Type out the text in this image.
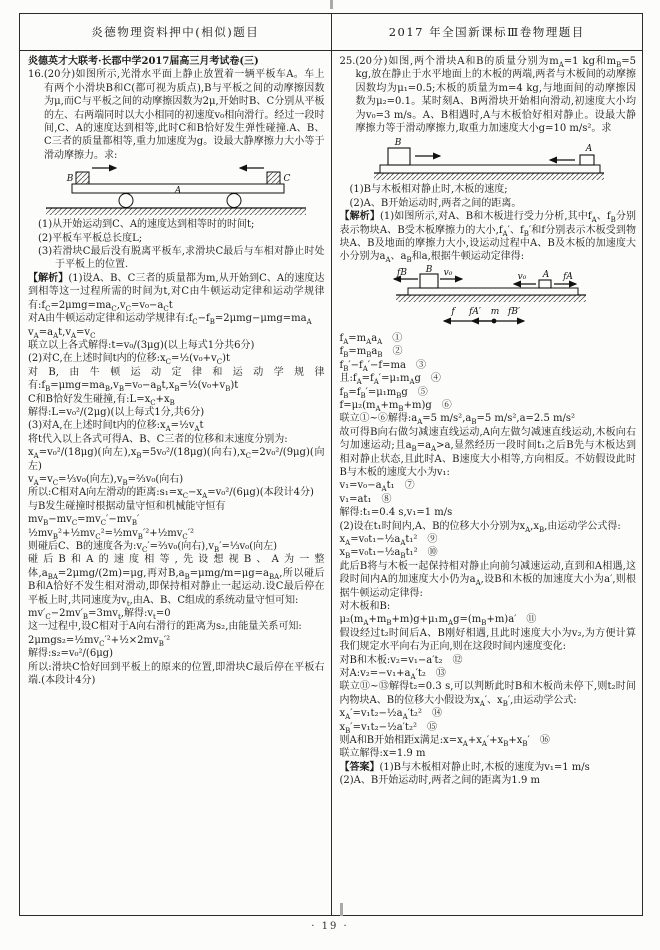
炎德物理资料押中(相似)题目	2017 年全国新课标Ⅲ卷物理题目

炎德英才大联考·长郡中学2017届高三月考试卷(三)

16.(20分)如图所示,光滑水平面上静止放置着一辆平板车A。车上有两个小滑块B和C(都可视为质点),B与平板之间的动摩擦因数为μ,而C与平板之间的动摩擦因数为2μ,开始时B、C分别从平板的左、右两端同时以大小相同的初速度v₀相向滑行。经过一段时间,C、A的速度达到相等,此时C和B恰好发生弹性碰撞.A、B、C三者的质量都相等,重力加速度为g。设最大静摩擦力大小等于滑动摩擦力。求:

A
B	C

(1)从开始运动到C、A的速度达到相等时的时间t;

(2)平板车平板总长度L;

(3)若滑块C最后没有脱离平板车,求滑块C最后与车相对静止时处于平板上的位置.

【解析】(1)设A、B、C三者的质量都为m,从开始到C、A的速度达到相等这一过程所需的时间为t,对C由牛顿运动定律和运动学规律有$:f_C=2\mu mg=ma_C,v_C=v_0-a_Ct$

对A由牛顿运动定律和运动学规律有$:f_C-f_B=2\mu mg-\mu mg=ma_A$

$v_A=a_At,v_A=v_C$

联立以上各式解得:t=v₀/(3μg)(以上每式1分共6分)

(2)对C,在上述时间t内的位移$:x_C=\frac{1}{2}(v_0+v_C)t$

对B,由牛顿运动定律和运动学规律有$:f_B=\mu mg=ma_B,v_B=v_0-a_Bt,x_B=\frac{1}{2}(v_0+v_B)t$

C和B恰好发生碰撞,有$:L=x_C+x_B$

解得:L=v₀²/(2μg)(以上每式1分,共6分)

(3)对A,在上述时间t内的位移$:x_A=\frac{1}{2}v_At$

将t代入以上各式可得A、B、C三者的位移和末速度分别为:

$x_A=v_0^2/(18\mu g)$(向左)$,x_B=5v_0^2/(18\mu g)$(向右)$,x_C=2v_0^2/(9\mu g)$(向左)

$v_A=v_C=\frac{1}{3}v_0$(向左)$,v_B=\frac{2}{3}v_0$(向右)

所以:C相对A向左滑动的距离$:s_1=x_C-x_A=v_0^2/(6\mu g)$(本段计4分)

与B发生碰撞时根据动量守恒和机械能守恒有

$mv_B-mv_C=mv_C'-mv_B'$

$\frac{1}{2}mv_B^2+\frac{1}{2}mv_C^2=\frac{1}{2}mv_B'^2+\frac{1}{2}mv_C'^2$

则碰后C、B的速度各为$:v_C'=\frac{2}{3}v_0$(向右)$,v_B'=\frac{1}{3}v_0$(向左)

碰后B和A的速度相等,先设想视B、A为一整体$,a_{BA}=2\mu mg/(2m)=\mu g$,再对$B,a_B=\mu mg/m=\mu g=a_{BA}$,所以碰后B和A恰好不发生相对滑动,即保持相对静止一起运动.设C最后停在平板上时,共同速度为$v_t$,由A、B、C组成的系统动量守恒可知:

$mv'_C-2mv'_B=3mv_t$,解得$:v_t=0$

这一过程中,设C相对于A向右滑行的距离为s₂,由能量关系可知:

$2\mu mgs_2=\frac{1}{2}mv_C'^2+\frac{1}{2}\times 2mv_B'^2$

解得:s₂=v₀²/(6μg)

所以:滑块C恰好回到平板上的原来的位置,即滑块C最后停在平板右端.(本段计4分)

25.(20分)如图,两个滑块A和B的质量分别为$m_A=1$ kg和$m_B=5$ kg,放在静止于水平地面上的木板的两端,两者与木板间的动摩擦因数均为μ₁=0.5;木板的质量为m=4 kg,与地面间的动摩擦因数为μ₂=0.1。某时刻A、B两滑块开始相向滑动,初速度大小均为v₀=3 m/s。A、B相遇时,A与木板恰好相对静止。设最大静摩擦力等于滑动摩擦力,取重力加速度大小g=10 m/s²。求

B
A

(1)B与木板相对静止时,木板的速度;

(2)A、B开始运动时,两者之间的距离。

【解析】(1)如图所示,对A、B和木板进行受力分析,其中$f_A$、$f_B$分别表示物块A、B受木板摩擦力的大小$,f_A'$、$f_B'$和f分别表示木板受到物块A、B及地面的摩擦力大小,设运动过程中A、B及木板的加速度大小分别为$a_A$、$a_B$和a,根据牛顿运动定律得:

B
fB	v₀	A
v₀	fA
f fA′ m fB′

$f_A=m_Aa_A$　①

$f_B=m_Ba_B$　②

$f_B'-f_A'-f=ma$　③

且$:f_A=f_A'=\mu_1m_Ag$　④

$f_B=f_B'=\mu_1m_Bg$　⑤

$f=\mu_2(m_A+m_B+m)g$　⑥

联立①~⑥解得$:a_A=5$ $m/s^2,a_B=5$ m/s²,a=2.5 m/s²

故可得B向右做匀减速直线运动,A向左做匀减速直线运动,木板向右匀加速运动;且$a_B=a_A>a$,显然经历一段时间t₁之后B先与木板达到相对静止状态,且此时A、B速度大小相等,方向相反。不妨假设此时B与木板的速度大小为v₁:

$v_1=v_0-a_At_1$　⑦

v₁=at₁　⑧

解得:t₁=0.4 s,v₁=1 m/s

(2)设在t₁时间内,A、B的位移大小分别为$x_A,x_B$,由运动学公式得:

$x_A=v_0t_1-\frac{1}{2}a_At_1^2$　⑨

$x_B=v_0t_1-\frac{1}{2}a_Bt_1^2$　⑩

此后B将与木板一起保持相对静止向前匀减速运动,直到和A相遇,这段时间内A的加速度大小仍为$a_A$,设B和木板的加速度大小为a′,则根据牛顿运动定律得:

对木板和B:

$\mu_2(m_A+m_B+m)g+\mu_1m_Ag=(m_B+m)a'$　⑪

假设经过t₂时间后A、B刚好相遇,且此时速度大小为v₂,为方便计算我们规定水平向右为正向,则在这段时间内速度变化:

对B和木板:v₂=v₁−a′t₂　⑫

对$A:v_2=-v_1+a_A't_2$　⑬

联立⑪~⑬解得t₂=0.3 s,可以判断此时B和木板尚未停下,则t₂时间内物块A、B的位移大小假设为$x_A'$、$x_B'$,由运动学公式:

$x_A'=v_1t_2-\frac{1}{2}a_A't_2^2$　⑭

$x_B'=v_1t_2-\frac{1}{2}a't_2^2$　⑮

则A和B开始相距x满足$:x=x_A+x_A'+x_B+x_B'$　⑯

联立解得:x=1.9 m

【答案】(1)B与木板相对静止时,木板的速度为v₁=1 m/s

(2)A、B开始运动时,两者之间的距离为1.9 m

· 19 ·
